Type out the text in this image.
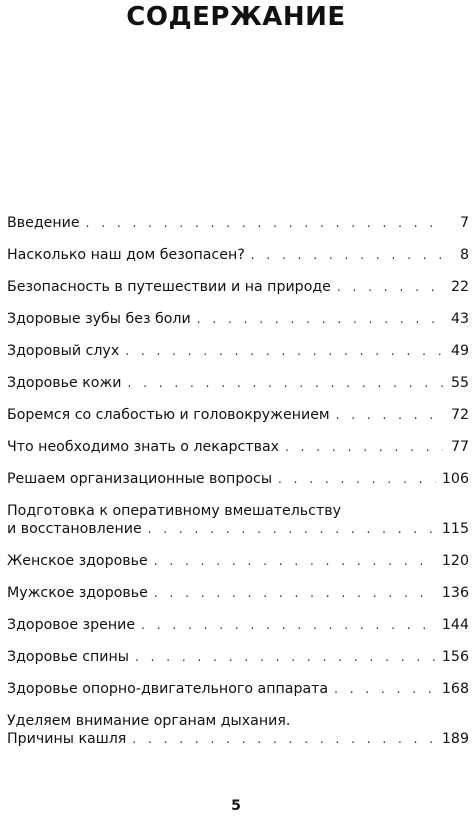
СОДЕРЖАНИЕ
Введение . . .	7
Насколько наш дом безопасен? . . .	8
Безопасность в путешествии и на природе . . .	22
Здоровые зубы без боли . . .	43
Здоровый слух . . .	49
Здоровье кожи . . .	55
Боремся со слабостью и головокружением . . .	72
Что необходимо знать о лекарствах . . .	77
Решаем организационные вопросы . . .	106
Подготовка к оперативному вмешательству
и восстановление . . .	115
Женское здоровье . . .	120
Мужское здоровье . . .	136
Здоровое зрение . . .	144
Здоровье спины . . .	156
Здоровье опорно-двигательного аппарата . . .	168
Уделяем внимание органам дыхания.
Причины кашля . . .	189
5
